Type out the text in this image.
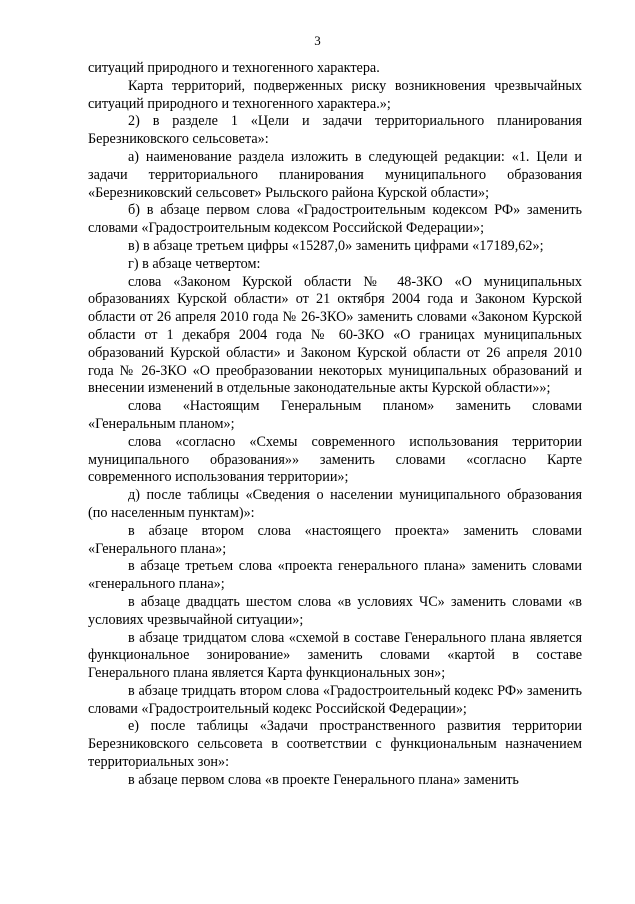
3

ситуаций природного и техногенного характера.

Карта территорий, подверженных риску возникновения чрезвычайных ситуаций природного и техногенного характера.»;

2) в разделе 1 «Цели и задачи территориального планирования Березниковского сельсовета»:

а) наименование раздела изложить в следующей редакции: «1. Цели и задачи территориального планирования муниципального образования «Березниковский сельсовет» Рыльского района Курской области»;

б) в абзаце первом слова «Градостроительным кодексом РФ» заменить словами «Градостроительным кодексом Российской Федерации»;

в) в абзаце третьем цифры «15287,0» заменить цифрами «17189,62»;

г) в абзаце четвертом:

слова «Законом Курской области № 48-ЗКО «О муниципальных образованиях Курской области» от 21 октября 2004 года и Законом Курской области от 26 апреля 2010 года № 26-ЗКО» заменить словами «Законом Курской области от 1 декабря 2004 года № 60-ЗКО «О границах муниципальных образований Курской области» и Законом Курской области от 26 апреля 2010 года № 26-ЗКО «О преобразовании некоторых муниципальных образований и внесении изменений в отдельные законодательные акты Курской области»»;

слова «Настоящим Генеральным планом» заменить словами «Генеральным планом»;

слова «согласно «Схемы современного использования территории муниципального образования»» заменить словами «согласно Карте современного использования территории»;

д) после таблицы «Сведения о населении муниципального образования (по населенным пунктам)»:

в абзаце втором слова «настоящего проекта» заменить словами «Генерального плана»;

в абзаце третьем слова «проекта генерального плана» заменить словами «генерального плана»;

в абзаце двадцать шестом слова «в условиях ЧС» заменить словами «в условиях чрезвычайной ситуации»;

в абзаце тридцатом слова «схемой в составе Генерального плана является функциональное зонирование» заменить словами «картой в составе Генерального плана является Карта функциональных зон»;

в абзаце тридцать втором слова «Градостроительный кодекс РФ» заменить словами «Градостроительный кодекс Российской Федерации»;

е) после таблицы «Задачи пространственного развития территории Березниковского сельсовета в соответствии с функциональным назначением территориальных зон»:

в абзаце первом слова «в проекте Генерального плана» заменить
